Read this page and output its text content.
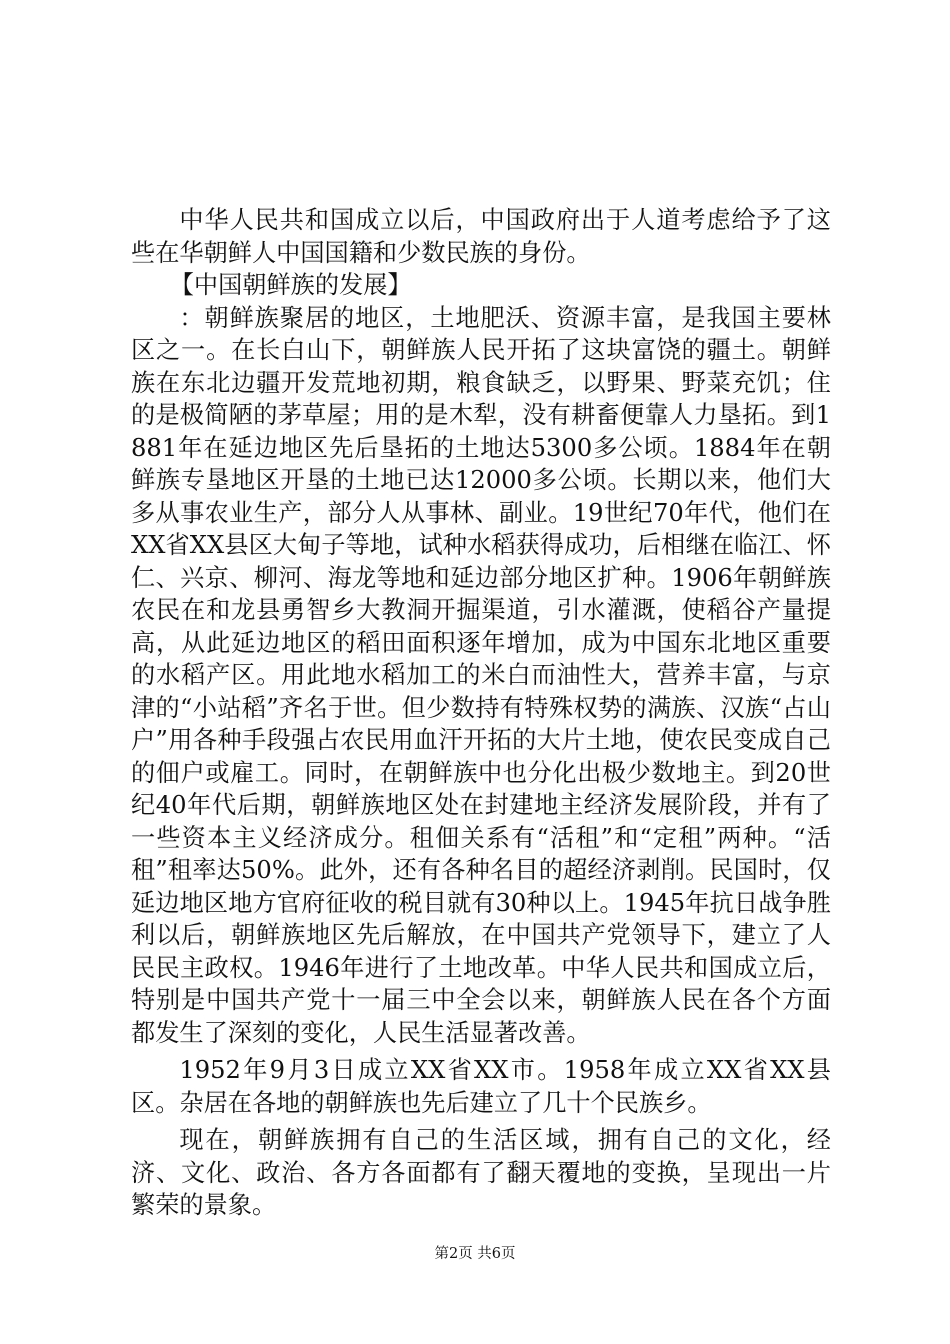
中华人民共和国成立以后，中国政府出于人道考虑给予了这些在华朝鲜人中国国籍和少数民族的身份。

【中国朝鲜族的发展】

：朝鲜族聚居的地区，土地肥沃、资源丰富，是我国主要林区之一。在长白山下，朝鲜族人民开拓了这块富饶的疆土。朝鲜族在东北边疆开发荒地初期，粮食缺乏，以野果、野菜充饥；住的是极简陋的茅草屋；用的是木犁，没有耕畜便靠人力垦拓。到1881年在延边地区先后垦拓的土地达5300多公顷。1884年在朝鲜族专垦地区开垦的土地已达12000多公顷。长期以来，他们大多从事农业生产，部分人从事林、副业。19世纪70年代，他们在XX省XX县区大甸子等地，试种水稻获得成功，后相继在临江、怀仁、兴京、柳河、海龙等地和延边部分地区扩种。1906年朝鲜族农民在和龙县勇智乡大教洞开掘渠道，引水灌溉，使稻谷产量提高，从此延边地区的稻田面积逐年增加，成为中国东北地区重要的水稻产区。用此地水稻加工的米白而油性大，营养丰富，与京津的“小站稻”齐名于世。但少数持有特殊权势的满族、汉族“占山户”用各种手段强占农民用血汗开拓的大片土地，使农民变成自己的佃户或雇工。同时，在朝鲜族中也分化出极少数地主。到20世纪40年代后期，朝鲜族地区处在封建地主经济发展阶段，并有了一些资本主义经济成分。租佃关系有“活租”和“定租”两种。“活租”租率达50%。此外，还有各种名目的超经济剥削。民国时，仅延边地区地方官府征收的税目就有30种以上。1945年抗日战争胜利以后，朝鲜族地区先后解放，在中国共产党领导下，建立了人民民主政权。1946年进行了土地改革。中华人民共和国成立后，特别是中国共产党十一届三中全会以来，朝鲜族人民在各个方面都发生了深刻的变化，人民生活显著改善。

1952年9月3日成立XX省XX市。1958年成立XX省XX县区。杂居在各地的朝鲜族也先后建立了几十个民族乡。

现在，朝鲜族拥有自己的生活区域，拥有自己的文化，经济、文化、政治、各方各面都有了翻天覆地的变换，呈现出一片繁荣的景象。

第2页 共6页
